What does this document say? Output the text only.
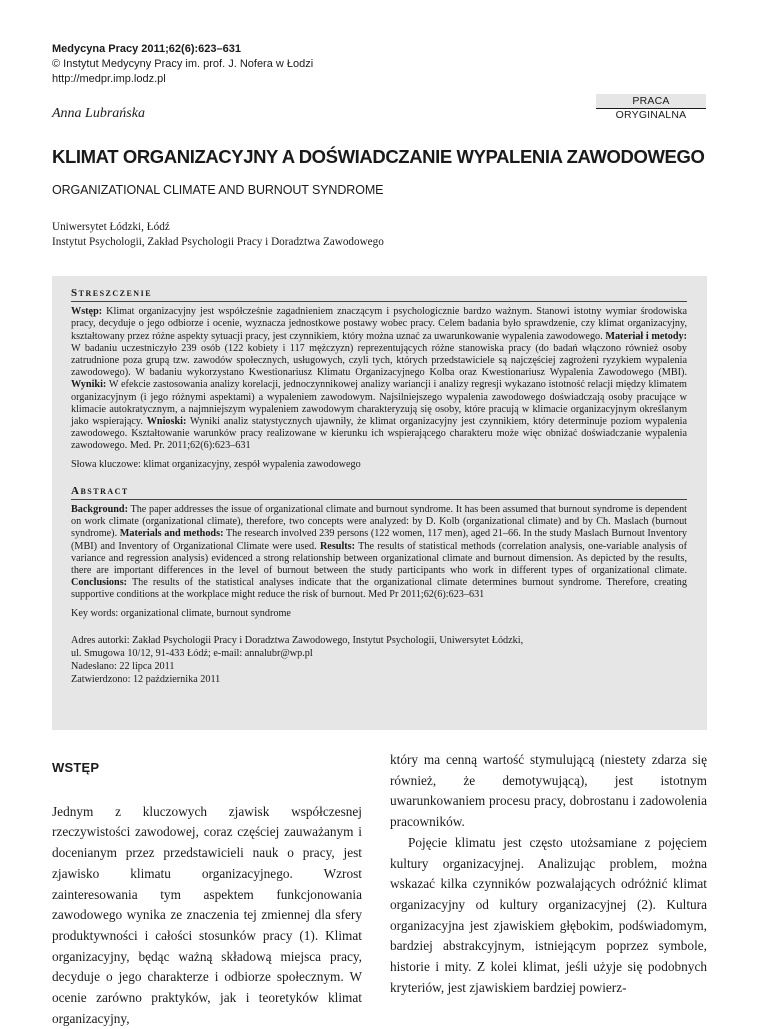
Medycyna Pracy 2011;62(6):623–631
© Instytut Medycyny Pracy im. prof. J. Nofera w Łodzi
http://medpr.imp.lodz.pl
PRACA ORYGINALNA
Anna Lubrańska
KLIMAT ORGANIZACYJNY A DOŚWIADCZANIE WYPALENIA ZAWODOWEGO
ORGANIZATIONAL CLIMATE AND BURNOUT SYNDROME
Uniwersytet Łódzki, Łódź
Instytut Psychologii, Zakład Psychologii Pracy i Doradztwa Zawodowego
Streszczenie

Wstęp: Klimat organizacyjny jest współcześnie zagadnieniem znaczącym i psychologicznie bardzo ważnym. Stanowi istotny wymiar środowiska pracy, decyduje o jego odbiorze i ocenie, wyznacza jednostkowe postawy wobec pracy. Celem badania było sprawdzenie, czy klimat organizacyjny, kształtowany przez różne aspekty sytuacji pracy, jest czynnikiem, który można uznać za uwarunkowanie wypalenia zawodowego. Materiał i metody: W badaniu uczestniczyło 239 osób (122 kobiety i 117 mężczyzn) reprezentujących różne stanowiska pracy (do badań włączono również osoby zatrudnione poza grupą tzw. zawodów społecznych, usługowych, czyli tych, których przedstawiciele są najczęściej zagrożeni ryzykiem wypalenia zawodowego). W badaniu wykorzystano Kwestionariusz Klimatu Organizacyjnego Kolba oraz Kwestionariusz Wypalenia Zawodowego (MBI). Wyniki: W efekcie zastosowania analizy korelacji, jednoczynnikowej analizy wariancji i analizy regresji wykazano istotność relacji między klimatem organizacyjnym (i jego różnymi aspektami) a wypaleniem zawodowym. Najsilniejszego wypalenia zawodowego doświadczają osoby pracujące w klimacie autokratycznym, a najmniejszym wypaleniem zawodowym charakteryzują się osoby, które pracują w klimacie organizacyjnym określanym jako wspierający. Wnioski: Wyniki analiz statystycznych ujawniły, że klimat organizacyjny jest czynnikiem, który determinuje poziom wypalenia zawodowego. Kształtowanie warunków pracy realizowane w kierunku ich wspierającego charakteru może więc obniżać doświadczanie wypalenia zawodowego. Med. Pr. 2011;62(6):623–631

Słowa kluczowe: klimat organizacyjny, zespół wypalenia zawodowego
Abstract

Background: The paper addresses the issue of organizational climate and burnout syndrome. It has been assumed that burnout syndrome is dependent on work climate (organizational climate), therefore, two concepts were analyzed: by D. Kolb (organizational climate) and by Ch. Maslach (burnout syndrome). Materials and methods: The research involved 239 persons (122 women, 117 men), aged 21–66. In the study Maslach Burnout Inventory (MBI) and Inventory of Organizational Climate were used. Results: The results of statistical methods (correlation analysis, one-variable analysis of variance and regression analysis) evidenced a strong relationship between organizational climate and burnout dimension. As depicted by the results, there are important differences in the level of burnout between the study participants who work in different types of organizational climate. Conclusions: The results of the statistical analyses indicate that the organizational climate determines burnout syndrome. Therefore, creating supportive conditions at the workplace might reduce the risk of burnout. Med Pr 2011;62(6):623–631

Key words: organizational climate, burnout syndrome
Adres autorki: Zakład Psychologii Pracy i Doradztwa Zawodowego, Instytut Psychologii, Uniwersytet Łódzki,
ul. Smugowa 10/12, 91-433 Łódź; e-mail: annalubr@wp.pl
Nadesłano: 22 lipca 2011
Zatwierdzono: 12 października 2011
WSTĘP

Jednym z kluczowych zjawisk współczesnej rzeczywistości zawodowej, coraz częściej zauważanym i docenianym przez przedstawicieli nauk o pracy, jest zjawisko klimatu organizacyjnego. Wzrost zainteresowania tym aspektem funkcjonowania zawodowego wynika ze znaczenia tej zmiennej dla sfery produktywności i całości stosunków pracy (1). Klimat organizacyjny, będąc ważną składową miejsca pracy, decyduje o jego charakterze i odbiorze społecznym. W ocenie zarówno praktyków, jak i teoretyków klimat organizacyjny,

który ma cenną wartość stymulującą (niestety zdarza się również, że demotywującą), jest istotnym uwarunkowaniem procesu pracy, dobrostanu i zadowolenia pracowników.

Pojęcie klimatu jest często utożsamiane z pojęciem kultury organizacyjnej. Analizując problem, można wskazać kilka czynników pozwalających odróżnić klimat organizacyjny od kultury organizacyjnej (2). Kultura organizacyjna jest zjawiskiem głębokim, podświadomym, bardziej abstrakcyjnym, istniejącym poprzez symbole, historie i mity. Z kolei klimat, jeśli użyje się podobnych kryteriów, jest zjawiskiem bardziej powierz-
